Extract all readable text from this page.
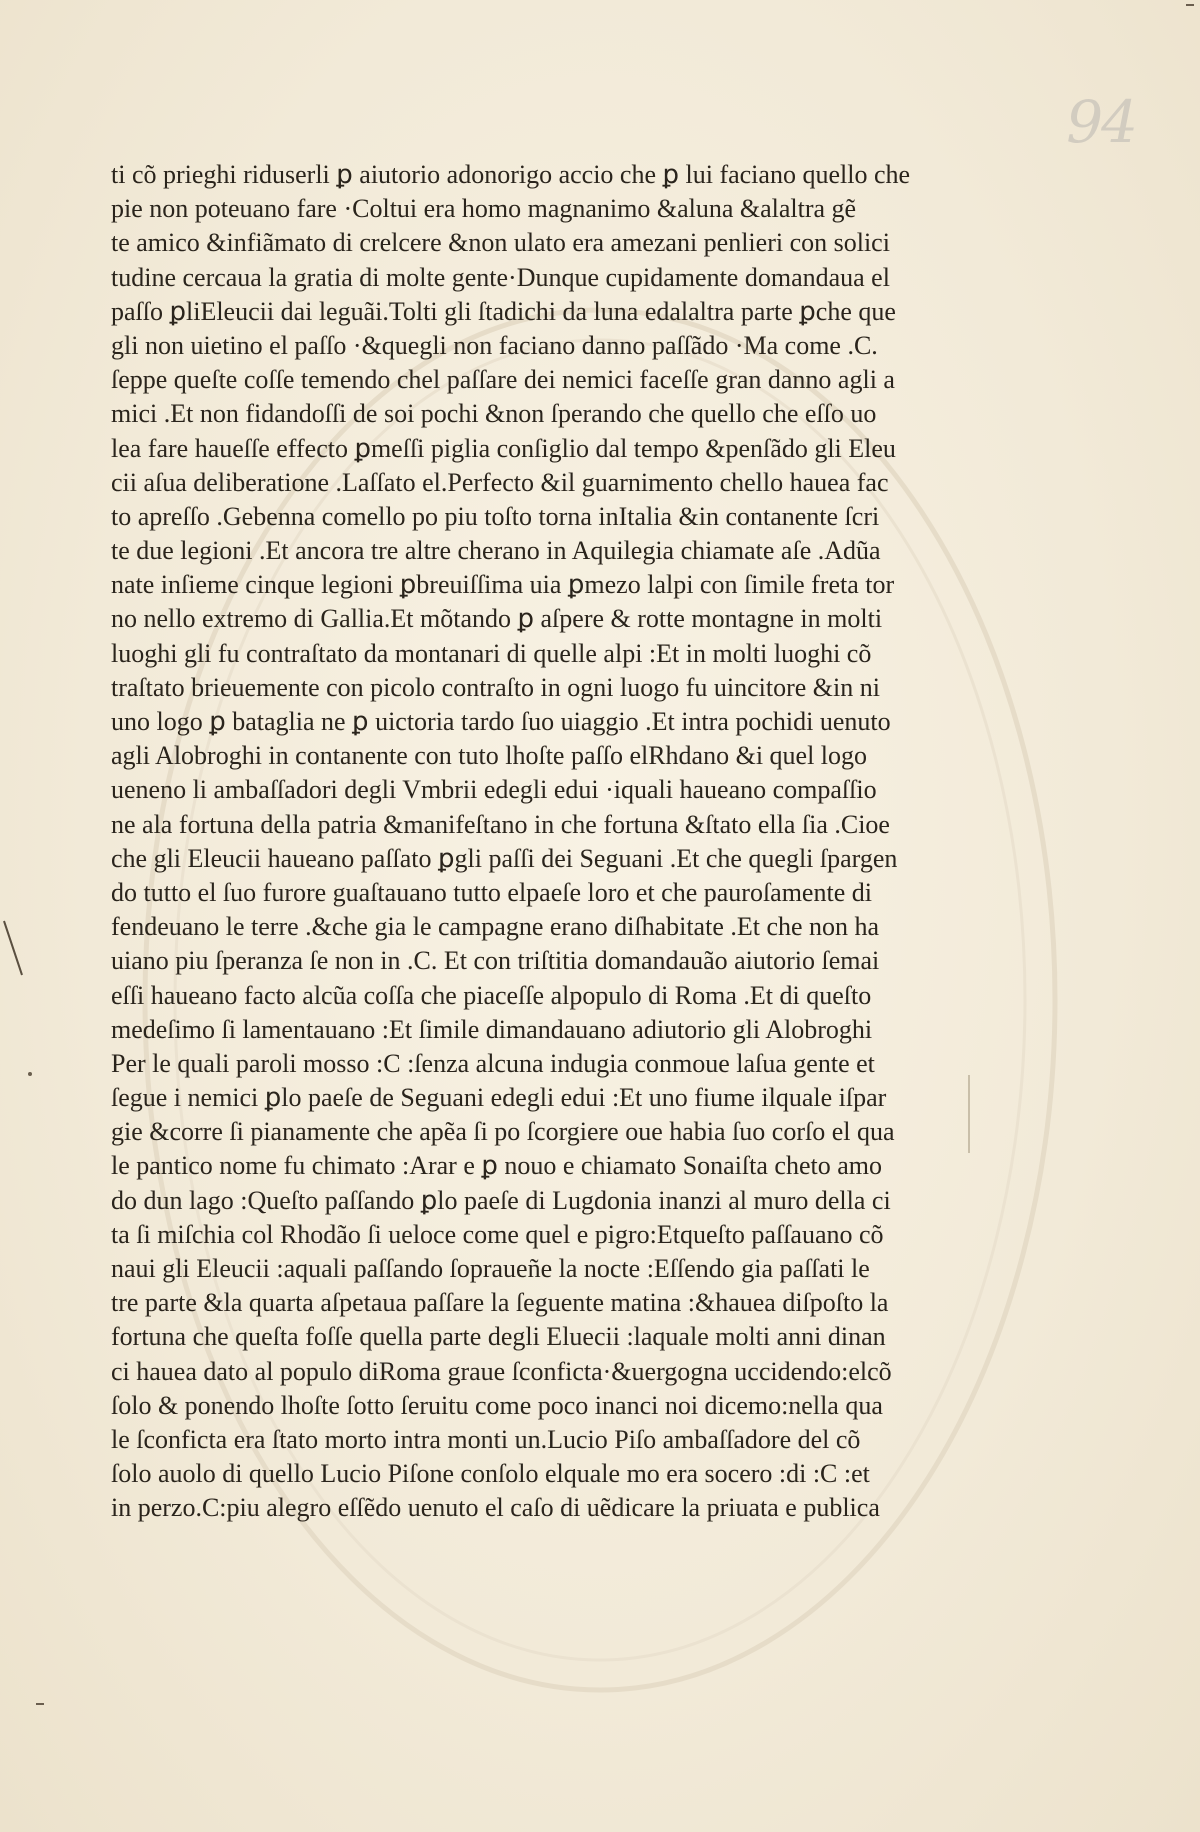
94
ti cõ prieghi riduserli ꝑ aiutorio adonorigo accio che ꝑ lui faciano quello che
pie non poteuano fare ·Coltui era homo magnanimo &aluna &alaltra gẽ
te amico &infiãmato di crelcere &non ulato era amezani penlieri con solici
tudine cercaua la gratia di molte gente·Dunque cupidamente domandaua el
paſſo ꝑliEleucii dai leguãi.Tolti gli ſtadichi da luna edalaltra parte ꝑche que
gli non uietino el paſſo ·&quegli non faciano danno paſſãdo ·Ma come .C.
ſeppe queſte coſſe temendo chel paſſare dei nemici faceſſe gran danno agli a
mici .Et non fidandoſſi de soi pochi &non ſperando che quello che eſſo uo
lea fare haueſſe effecto ꝑmeſſi piglia conſiglio dal tempo &penſãdo gli Eleu
cii aſua deliberatione .Laſſato el.Perfecto &il guarnimento chello hauea fac
to apreſſo .Gebenna comello po piu toſto torna inItalia &in contanente ſcri
te due legioni .Et ancora tre altre cherano in Aquilegia chiamate aſe .Adũa
nate inſieme cinque legioni ꝑbreuiſſima uia ꝑmezo lalpi con ſimile freta tor
no nello extremo di Gallia.Et mõtando ꝑ aſpere & rotte montagne in molti
luoghi gli fu contraſtato da montanari di quelle alpi :Et in molti luoghi cõ
traſtato brieuemente con picolo contraſto in ogni luogo fu uincitore &in ni
uno logo ꝑ bataglia ne ꝑ uictoria tardo ſuo uiaggio .Et intra pochidi uenuto
agli Alobroghi in contanente con tuto lhoſte paſſo elRhdano &i quel logo
ueneno li ambaſſadori degli Vmbrii edegli edui ·iquali haueano compaſſio
ne ala fortuna della patria &manifeſtano in che fortuna &ſtato ella ſia .Cioe
che gli Eleucii haueano paſſato ꝑgli paſſi dei Seguani .Et che quegli ſpargen
do tutto el ſuo furore guaſtauano tutto elpaeſe loro et che pauroſamente di
fendeuano le terre .&che gia le campagne erano diſhabitate .Et che non ha
uiano piu ſperanza ſe non in .C. Et con triſtitia domandauão aiutorio ſemai
eſſi haueano facto alcũa coſſa che piaceſſe alpopulo di Roma .Et di queſto
medeſimo ſi lamentauano :Et ſimile dimandauano adiutorio gli Alobroghi
Per le quali paroli mosso :C :ſenza alcuna indugia conmoue laſua gente et
ſegue i nemici ꝑlo paeſe de Seguani edegli edui :Et uno fiume ilquale iſpar
gie &corre ſi pianamente che apẽa ſi po ſcorgiere oue habia ſuo corſo el qua
le pantico nome fu chimato :Arar e ꝑ nouo e chiamato Sonaiſta cheto amo
do dun lago :Queſto paſſando ꝑlo paeſe di Lugdonia inanzi al muro della ci
ta ſi miſchia col Rhodão ſi ueloce come quel e pigro:Etqueſto paſſauano cõ
naui gli Eleucii :aquali paſſando ſopraueñe la nocte :Eſſendo gia paſſati le
tre parte &la quarta aſpetaua paſſare la ſeguente matina :&hauea diſpoſto la
fortuna che queſta foſſe quella parte degli Eluecii :laquale molti anni dinan
ci hauea dato al populo diRoma graue ſconficta·&uergogna uccidendo:elcõ
ſolo & ponendo lhoſte ſotto ſeruitu come poco inanci noi dicemo:nella qua
le ſconficta era ſtato morto intra monti un.Lucio Piſo ambaſſadore del cõ
ſolo auolo di quello Lucio Piſone conſolo elquale mo era socero :di :C :et
in perzo.C:piu alegro eſſẽdo uenuto el caſo di uẽdicare la priuata e publica
